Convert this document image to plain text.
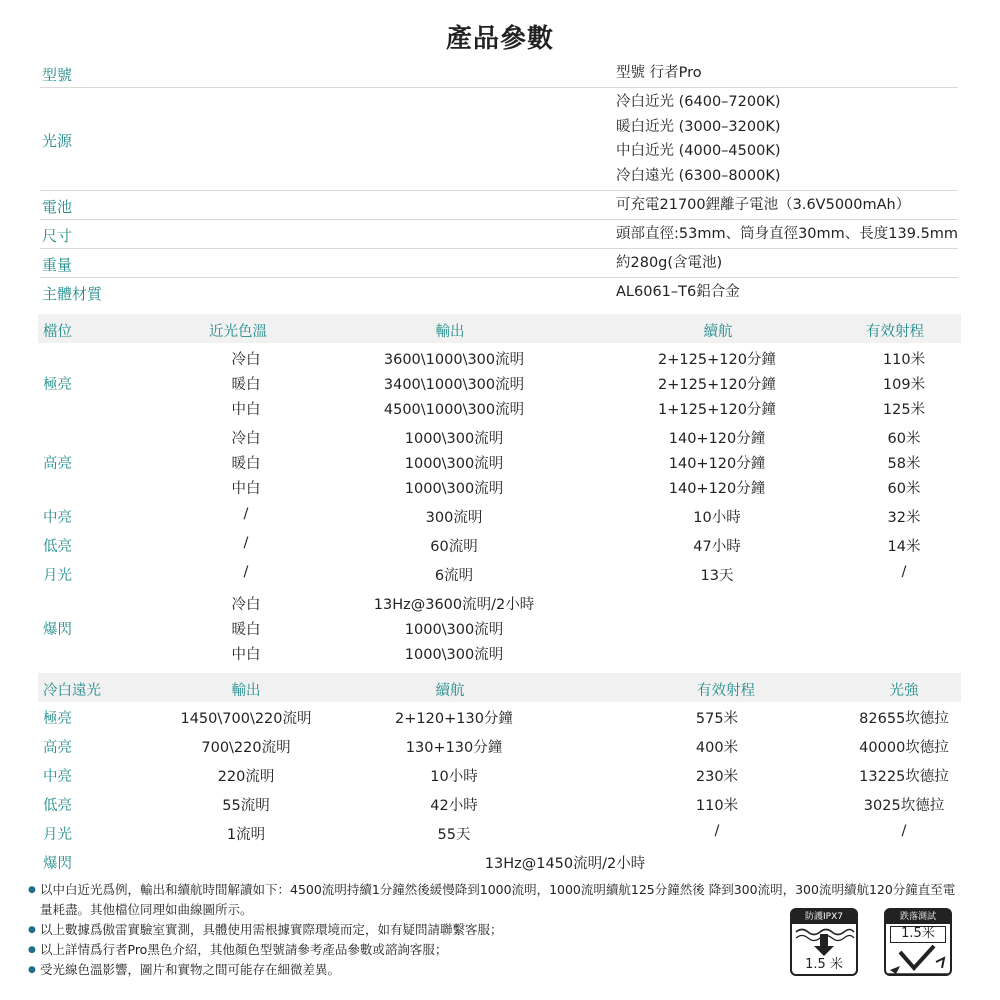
產品參數
型號	型號 行者Pro
光源
冷白近光 (6400–7200K)
暖白近光 (3000–3200K)
中白近光 (4000–4500K)
冷白遠光 (6300–8000K)
電池	可充電21700鋰離子電池（3.6V5000mAh）
尺寸	頭部直徑:53mm、筒身直徑30mm、長度139.5mm
重量	約280g(含電池)
主體材質	AL6061–T6鋁合金
檔位	近光色溫	輸出	續航	有效射程
極亮
冷白	3600\1000\300流明	2+125+120分鐘	110米
暖白	3400\1000\300流明	2+125+120分鐘	109米
中白	4500\1000\300流明	1+125+120分鐘	125米
高亮
冷白	1000\300流明	140+120分鐘	60米
暖白	1000\300流明	140+120分鐘	58米
中白	1000\300流明	140+120分鐘	60米
中亮	/	300流明	10小時	32米
低亮	/	60流明	47小時	14米
月光	/	6流明	13天	/
爆閃
冷白	13Hz@3600流明/2小時
暖白	1000\300流明
中白	1000\300流明
冷白遠光	輸出	續航	有效射程	光強
極亮	1450\700\220流明	2+120+130分鐘	575米	82655坎德拉
高亮	700\220流明	130+130分鐘	400米	40000坎德拉
中亮	220流明	10小時	230米	13225坎德拉
低亮	55流明	42小時	110米	3025坎德拉
月光	1流明	55天	/	/
爆閃	13Hz@1450流明/2小時
● 以中白近光爲例，輸出和續航時間解讀如下：4500流明持續1分鐘然後緩慢降到1000流明，1000流明續航125分鐘然後 降到300流明，300流明續航120分鐘直至電量耗盡。其他檔位同理如曲線圖所示。
● 以上數據爲傲雷實驗室實測，具體使用需根據實際環境而定，如有疑問請聯繫客服；
● 以上詳情爲行者Pro黑色介紹，其他顏色型號請參考產品參數或諮詢客服；
● 受光線色溫影響，圖片和實物之間可能存在細微差異。
防護IPX7
1.5 米
跌落測試
1.5米
